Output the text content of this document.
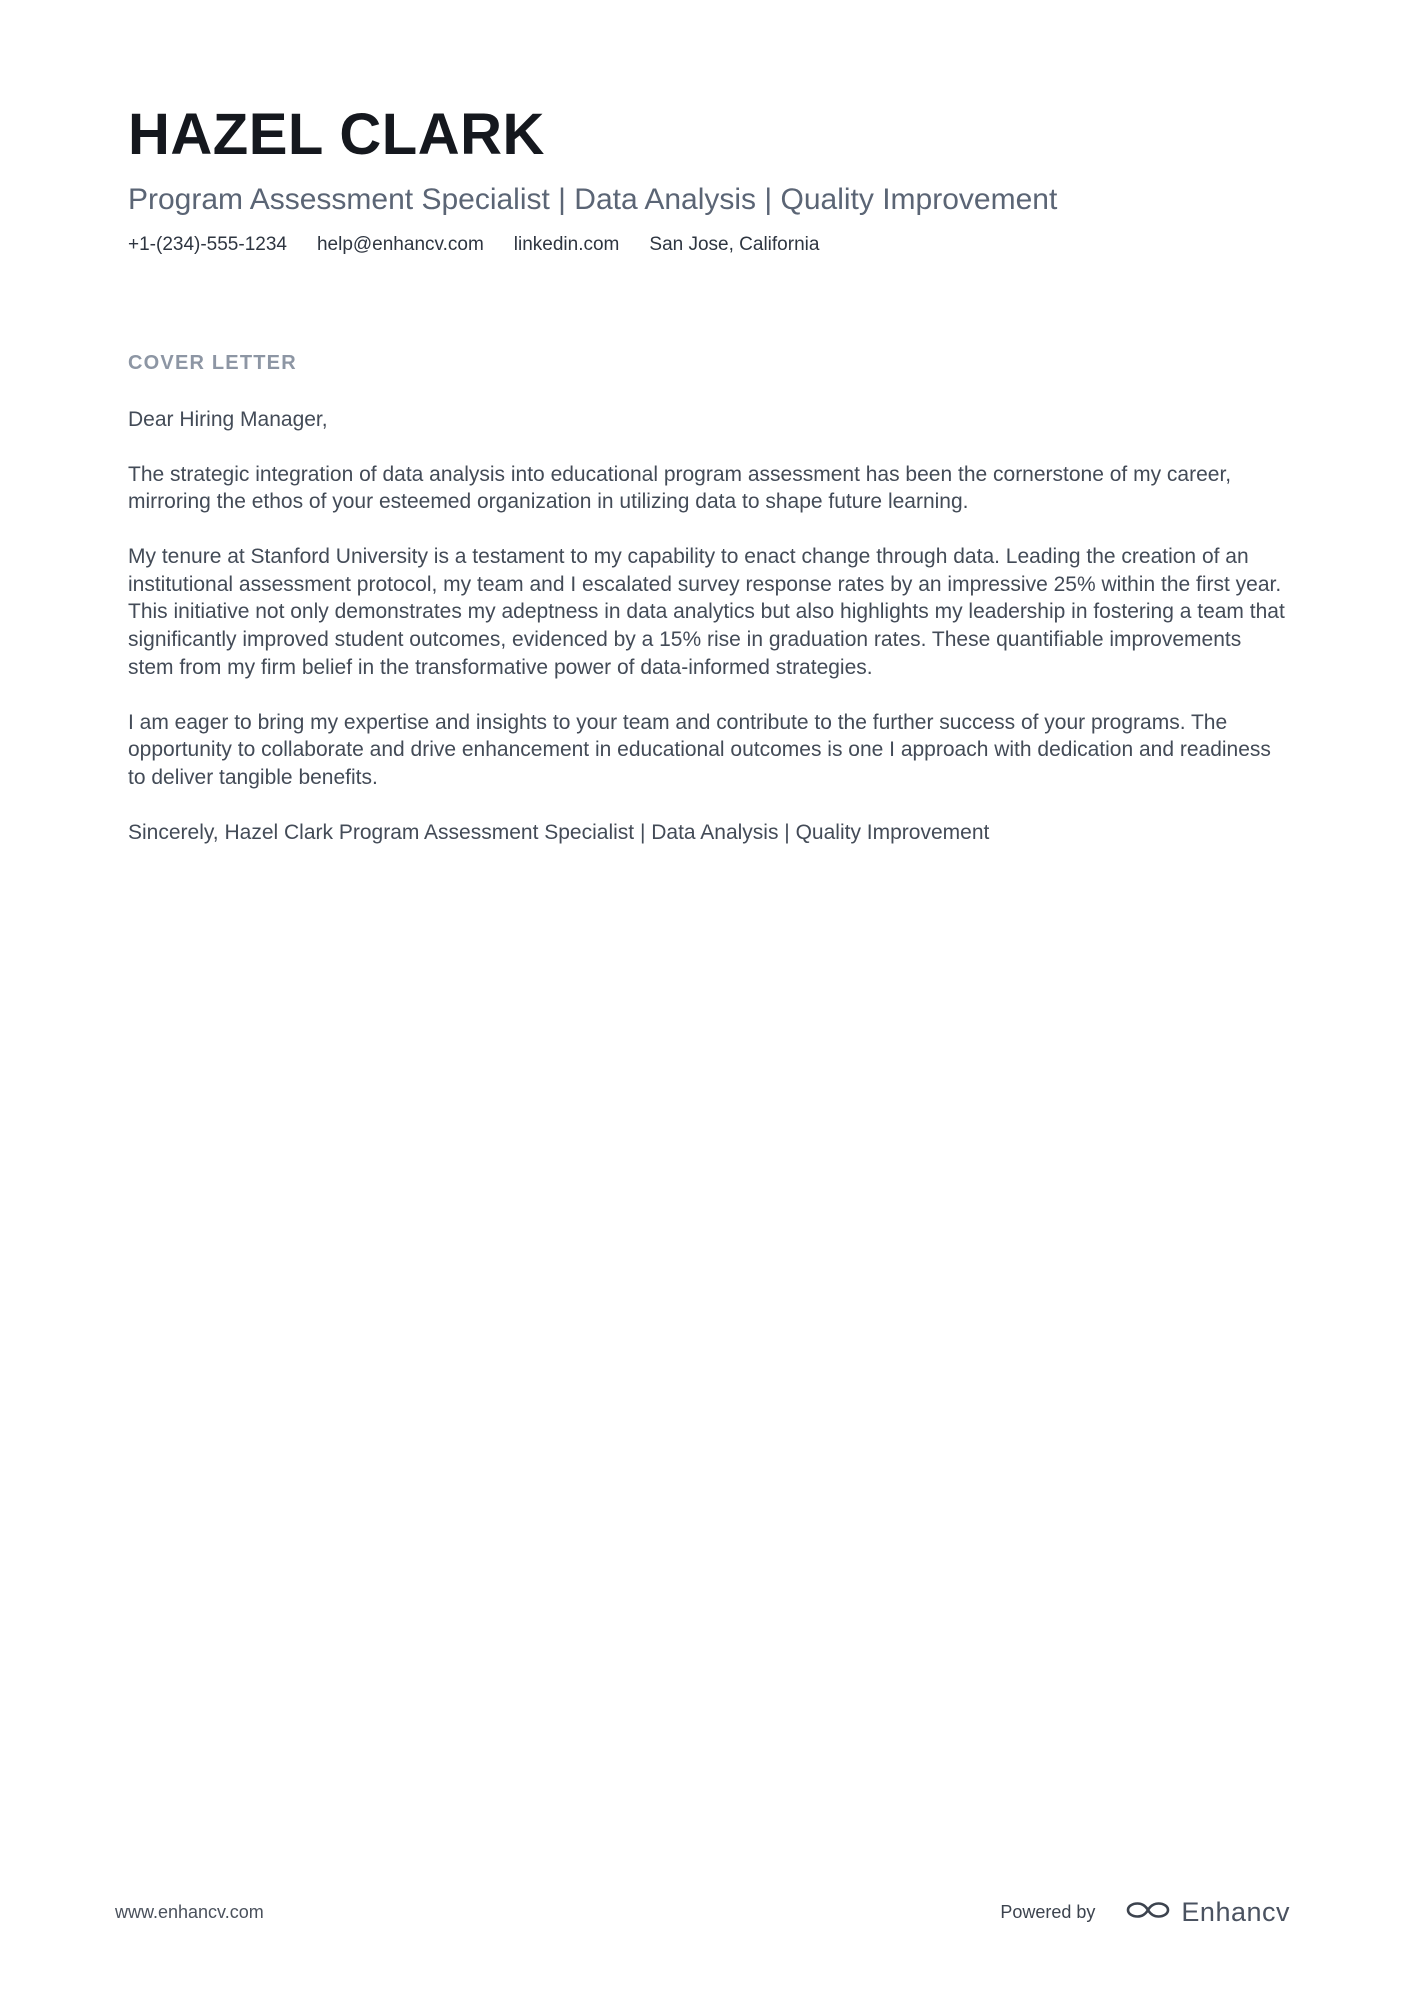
HAZEL CLARK
Program Assessment Specialist | Data Analysis | Quality Improvement
+1-(234)-555-1234 help@enhancv.com linkedin.com San Jose, California
COVER LETTER

Dear Hiring Manager,

The strategic integration of data analysis into educational program assessment has been the cornerstone of my career, mirroring the ethos of your esteemed organization in utilizing data to shape future learning.

My tenure at Stanford University is a testament to my capability to enact change through data. Leading the creation of an institutional assessment protocol, my team and I escalated survey response rates by an impressive 25% within the first year. This initiative not only demonstrates my adeptness in data analytics but also highlights my leadership in fostering a team that significantly improved student outcomes, evidenced by a 15% rise in graduation rates. These quantifiable improvements stem from my firm belief in the transformative power of data-informed strategies.

I am eager to bring my expertise and insights to your team and contribute to the further success of your programs. The opportunity to collaborate and drive enhancement in educational outcomes is one I approach with dedication and readiness to deliver tangible benefits.

Sincerely, Hazel Clark Program Assessment Specialist | Data Analysis | Quality Improvement

www.enhancv.com	Powered by	Enhancv
